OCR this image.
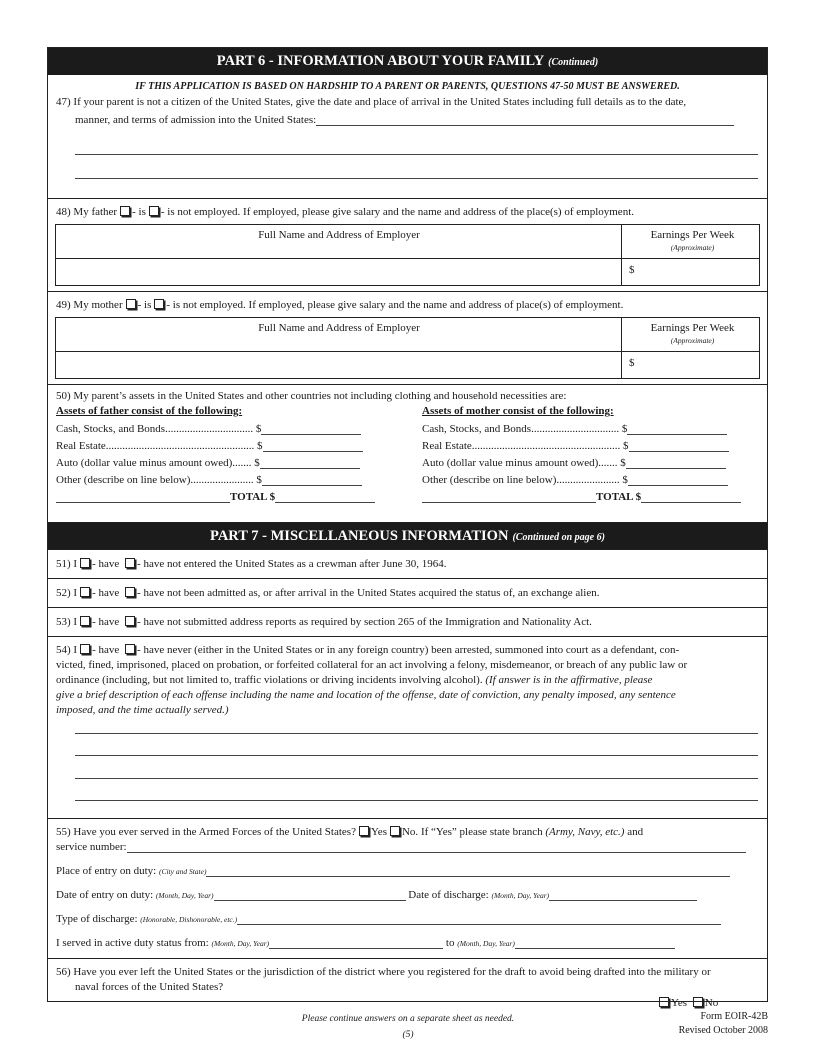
PART 6 - INFORMATION ABOUT YOUR FAMILY (Continued)
IF THIS APPLICATION IS BASED ON HARDSHIP TO A PARENT OR PARENTS, QUESTIONS 47-50 MUST BE ANSWERED.
47) If your parent is not a citizen of the United States, give the date and place of arrival in the United States including full details as to the date,
manner, and terms of admission into the United States:
48) My father - is - is not employed. If employed, please give salary and the name and address of the place(s) of employment.
Full Name and Address of Employer	Earnings Per Week
(Approximate)
$
49) My mother - is - is not employed. If employed, please give salary and the name and address of place(s) of employment.
Full Name and Address of Employer	Earnings Per Week
(Approximate)
$
50) My parent’s assets in the United States and other countries not including clothing and household necessities are:
Assets of father consist of the following:	Assets of mother consist of the following:
Cash, Stocks, and Bonds................................ $
Real Estate...................................................... $
Auto (dollar value minus amount owed)....... $
Other (describe on line below)....................... $
TOTAL $
Cash, Stocks, and Bonds................................ $
Real Estate...................................................... $
Auto (dollar value minus amount owed)....... $
Other (describe on line below)....................... $
TOTAL $
PART 7 - MISCELLANEOUS INFORMATION (Continued on page 6)
51) I - have - have not entered the United States as a crewman after June 30, 1964.
52) I - have - have not been admitted as, or after arrival in the United States acquired the status of, an exchange alien.
53) I - have - have not submitted address reports as required by section 265 of the Immigration and Nationality Act.
54) I - have - have never (either in the United States or in any foreign country) been arrested, summoned into court as a defendant, con-
victed, fined, imprisoned, placed on probation, or forfeited collateral for an act involving a felony, misdemeanor, or breach of any public law or
ordinance (including, but not limited to, traffic violations or driving incidents involving alcohol). (If answer is in the affirmative, please
give a brief description of each offense including the name and location of the offense, date of conviction, any penalty imposed, any sentence
imposed, and the time actually served.)
55) Have you ever served in the Armed Forces of the United States? Yes No. If “Yes” please state branch (Army, Navy, etc.) and
service number:
Place of entry on duty: (City and State)
Date of entry on duty: (Month, Day, Year)	Date of discharge: (Month, Day, Year)
Type of discharge: (Honorable, Dishonorable, etc.)
I served in active duty status from: (Month, Day, Year)	to (Month, Day, Year)
56) Have you ever left the United States or the jurisdiction of the district where you registered for the draft to avoid being drafted into the military or
naval forces of the United States?
Yes No
Please continue answers on a separate sheet as needed.
(5)
Form EOIR-42B
Revised October 2008
